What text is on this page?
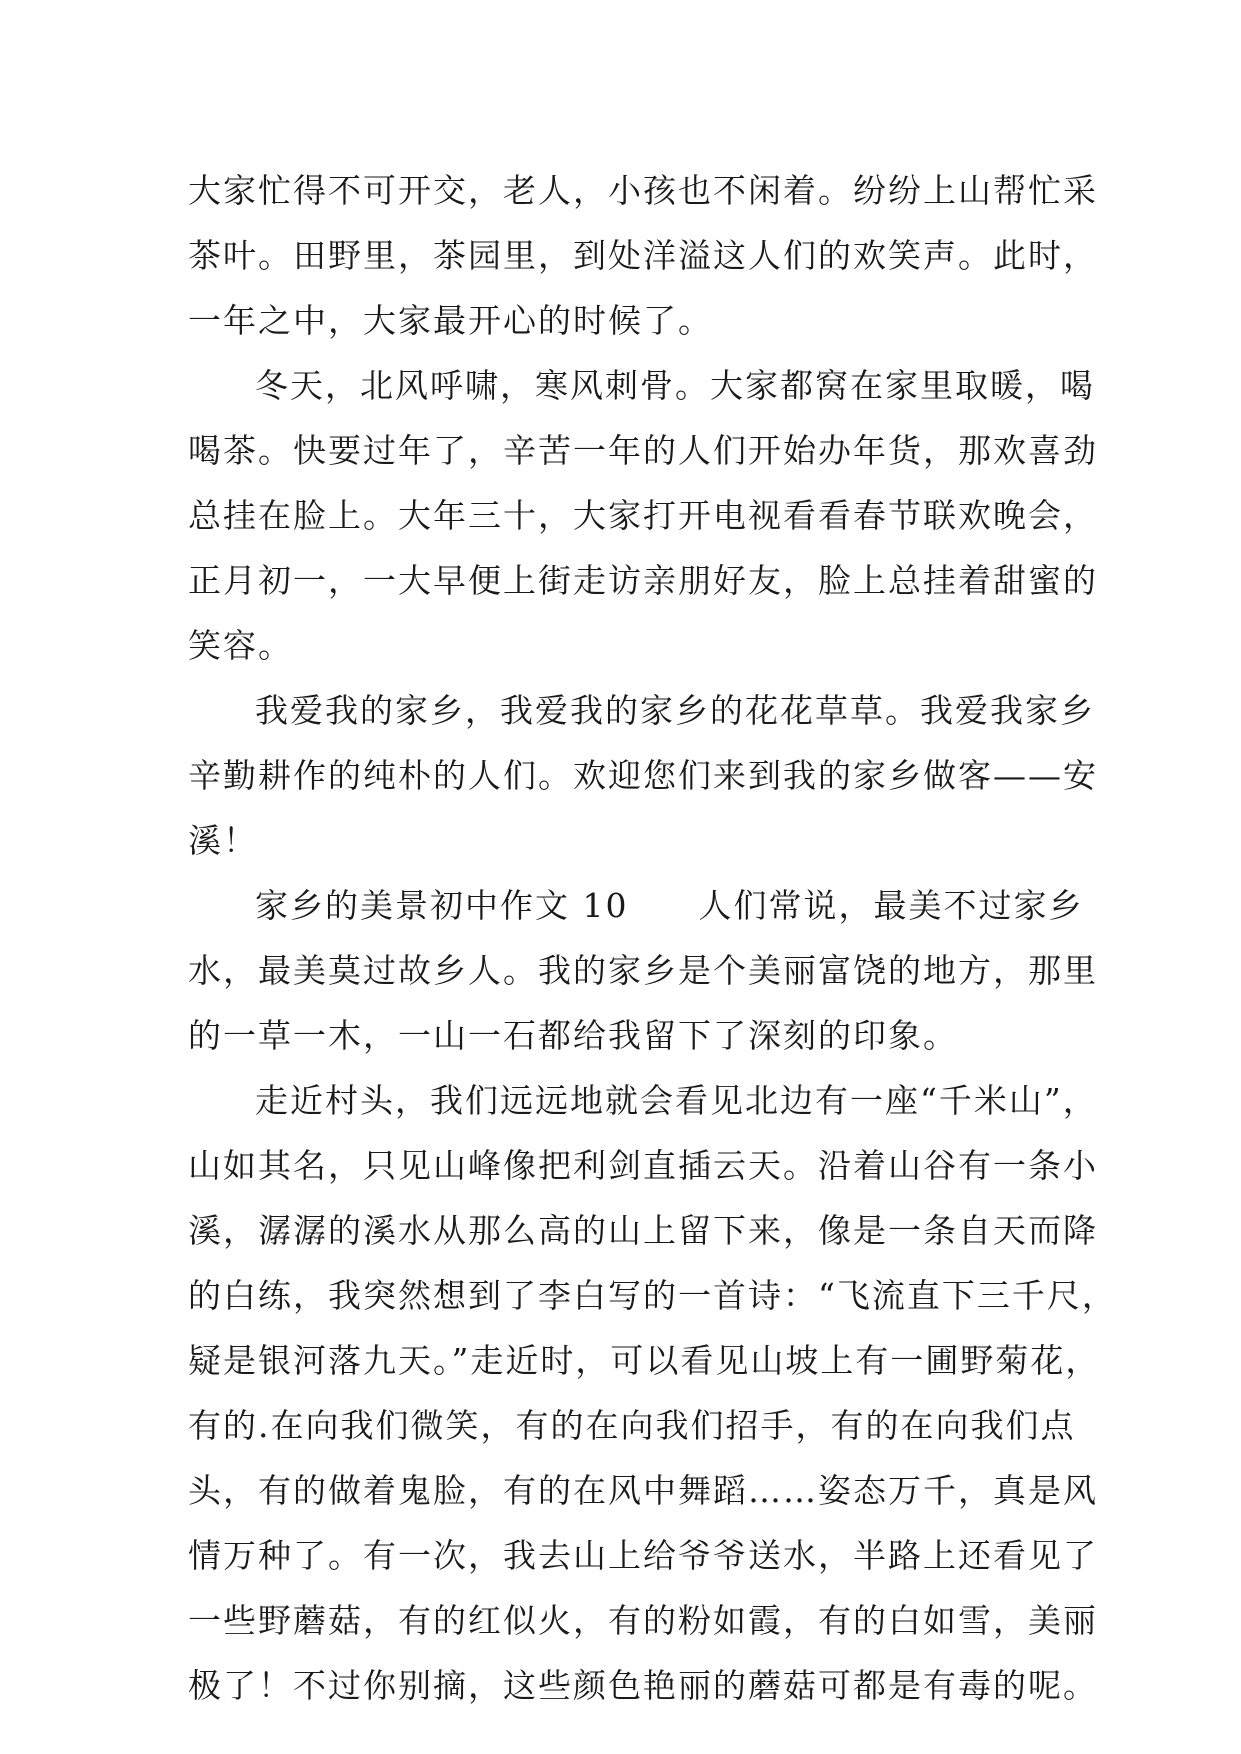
大家忙得不可开交，老人，小孩也不闲着。纷纷上山帮忙采
茶叶。田野里，茶园里，到处洋溢这人们的欢笑声。此时，
一年之中，大家最开心的时候了。
冬天，北风呼啸，寒风刺骨。大家都窝在家里取暖，喝
喝茶。快要过年了，辛苦一年的人们开始办年货，那欢喜劲
总挂在脸上。大年三十，大家打开电视看看春节联欢晚会，
正月初一，一大早便上街走访亲朋好友，脸上总挂着甜蜜的
笑容。
我爱我的家乡，我爱我的家乡的花花草草。我爱我家乡
辛勤耕作的纯朴的人们。欢迎您们来到我的家乡做客——安
溪！
家乡的美景初中作文 10 人们常说，最美不过家乡
水，最美莫过故乡人。我的家乡是个美丽富饶的地方，那里
的一草一木，一山一石都给我留下了深刻的印象。
走近村头，我们远远地就会看见北边有一座“千米山”，
山如其名，只见山峰像把利剑直插云天。沿着山谷有一条小
溪，潺潺的溪水从那么高的山上留下来，像是一条自天而降
的白练，我突然想到了李白写的一首诗：“飞流直下三千尺，
疑是银河落九天。”走近时，可以看见山坡上有一圃野菊花，
有的.在向我们微笑，有的在向我们招手，有的在向我们点
头，有的做着鬼脸，有的在风中舞蹈……姿态万千，真是风
情万种了。有一次，我去山上给爷爷送水，半路上还看见了
一些野蘑菇，有的红似火，有的粉如霞，有的白如雪，美丽
极了！不过你别摘，这些颜色艳丽的蘑菇可都是有毒的呢。
